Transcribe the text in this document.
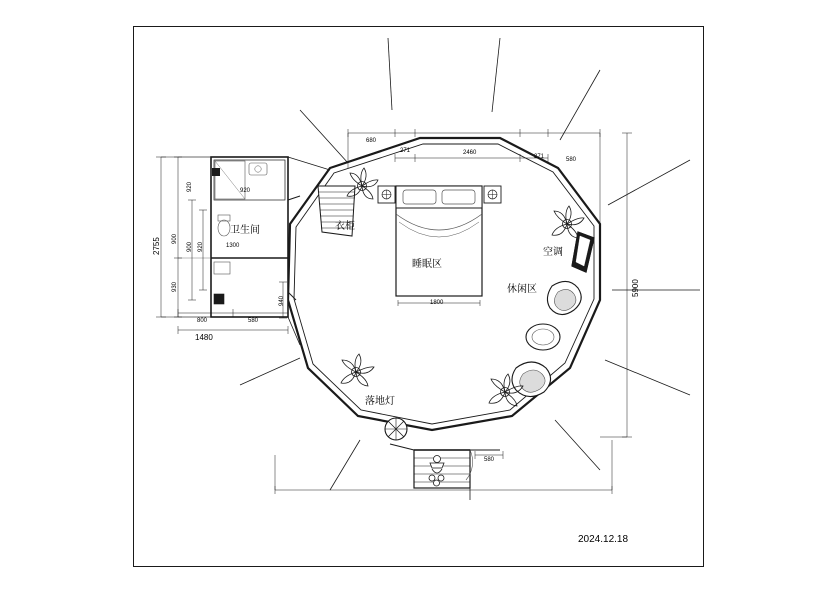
卫生间	衣柜
睡眠区
空调
休闲区
落地灯
1480
800	580
1800
680
271	2460
271	580
1300
920
580
2755
920
900
930
900 920
940
5900
2024.12.18
